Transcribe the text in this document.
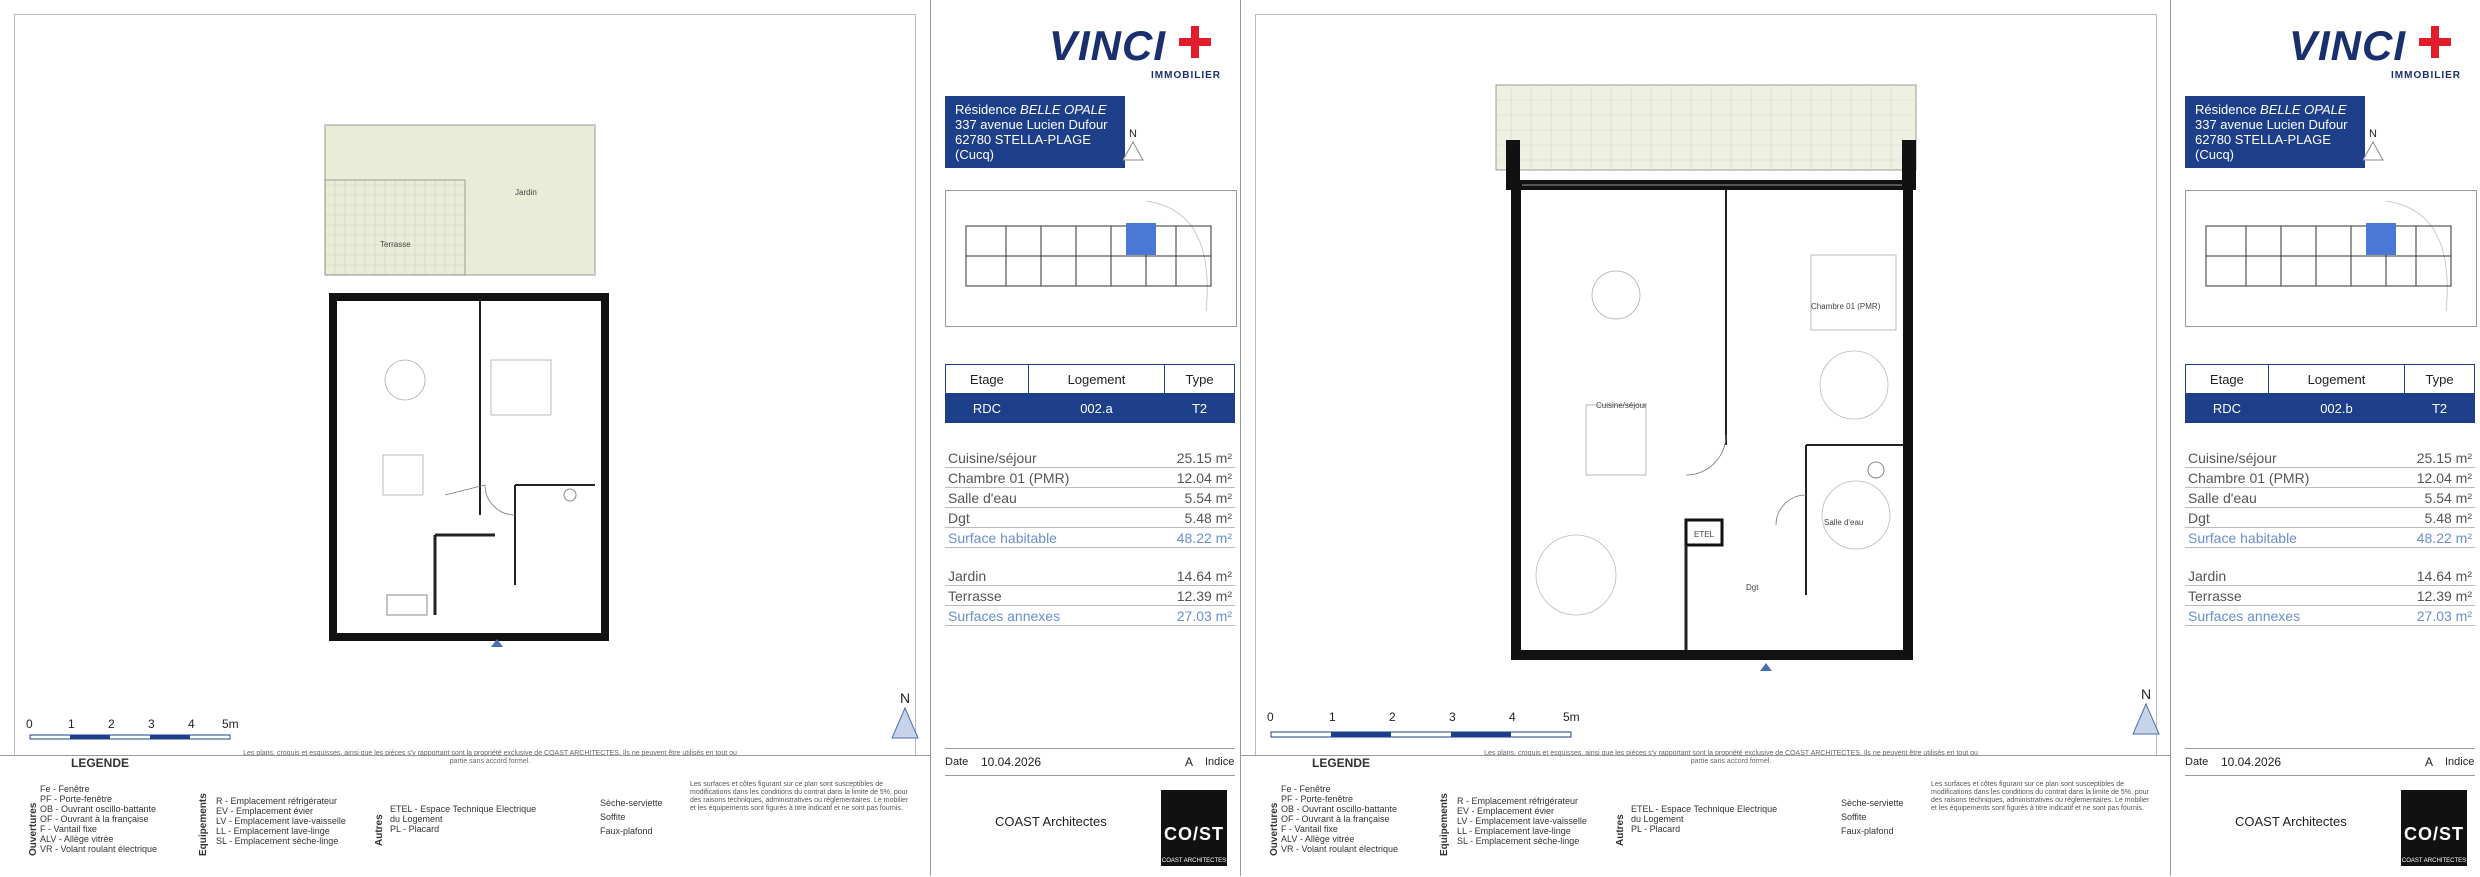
Jardin
Terrasse
0	1	2	3	4 5m
N
Les plans, croquis et esquisses, ainsi que les pièces s'y rapportant sont la propriété exclusive de COAST ARCHITECTES. Ils ne peuvent être utilisés en tout ou partie sans accord formel.
LEGENDE
Ouvertures
Fe - Fenêtre
PF - Porte-fenêtre
OB - Ouvrant oscillo-battante
OF - Ouvrant à la française
F - Vantail fixe
ALV - Allège vitrée
VR - Volant roulant électrique	Equipements R - Emplacement réfrigérateur
EV - Emplacement évier
LV - Emplacement lave-vaisselle
LL - Emplacement lave-linge
SL - Emplacement sèche-linge	Autres
ETEL - Espace Technique Electrique du Logement
PL - Placard
Sèche-serviette
Soffite
Faux-plafond
Les surfaces et côtes figurant sur ce plan sont susceptibles de modifications dans les conditions du contrat dans la limite de 5%, pour des raisons techniques, administratives ou réglementaires. Le mobilier et les équipements sont figurés à titre indicatif et ne sont pas fournis.
VINCI
IMMOBILIER
Résidence BELLE OPALE
337 avenue Lucien Dufour
62780 STELLA-PLAGE (Cucq)
N
Etage	Logement	Type
RDC	002.a	T2
Cuisine/séjour	25.15 m²
Chambre 01 (PMR)	12.04 m²
Salle d'eau	5.54 m²
Dgt	5.48 m²
Surface habitable	48.22 m²

Jardin	14.64 m²
Terrasse	12.39 m²
Surfaces annexes	27.03 m²
Date	10.04.2026	A	Indice
COAST Architectes
CO/ST
COAST ARCHITECTES
Chambre 01 (PMR)
Cuisine/séjour
Salle d'eau
Dgt
ETEL
0	1	2	3	4	5m
N
Les plans, croquis et esquisses, ainsi que les pièces s'y rapportant sont la propriété exclusive de COAST ARCHITECTES. Ils ne peuvent être utilisés en tout ou partie sans accord formel.
LEGENDE
Ouvertures
Fe - Fenêtre
PF - Porte-fenêtre
OB - Ouvrant oscillo-battante
OF - Ouvrant à la française
F - Vantail fixe
ALV - Allège vitrée
VR - Volant roulant électrique	Equipements R - Emplacement réfrigérateur
EV - Emplacement évier
LV - Emplacement lave-vaisselle
LL - Emplacement lave-linge
SL - Emplacement sèche-linge	Autres
ETEL - Espace Technique Electrique du Logement
PL - Placard
Sèche-serviette
Soffite
Faux-plafond
Les surfaces et côtes figurant sur ce plan sont susceptibles de modifications dans les conditions du contrat dans la limite de 5%, pour des raisons techniques, administratives ou réglementaires. Le mobilier et les équipements sont figurés à titre indicatif et ne sont pas fournis.
VINCI
IMMOBILIER
Résidence BELLE OPALE
337 avenue Lucien Dufour
62780 STELLA-PLAGE (Cucq)
N
Etage	Logement	Type
RDC	002.b	T2
Cuisine/séjour	25.15 m²
Chambre 01 (PMR)	12.04 m²
Salle d'eau	5.54 m²
Dgt	5.48 m²
Surface habitable	48.22 m²

Jardin	14.64 m²
Terrasse	12.39 m²
Surfaces annexes	27.03 m²
Date	10.04.2026	A	Indice
COAST Architectes
CO/ST
COAST ARCHITECTES
